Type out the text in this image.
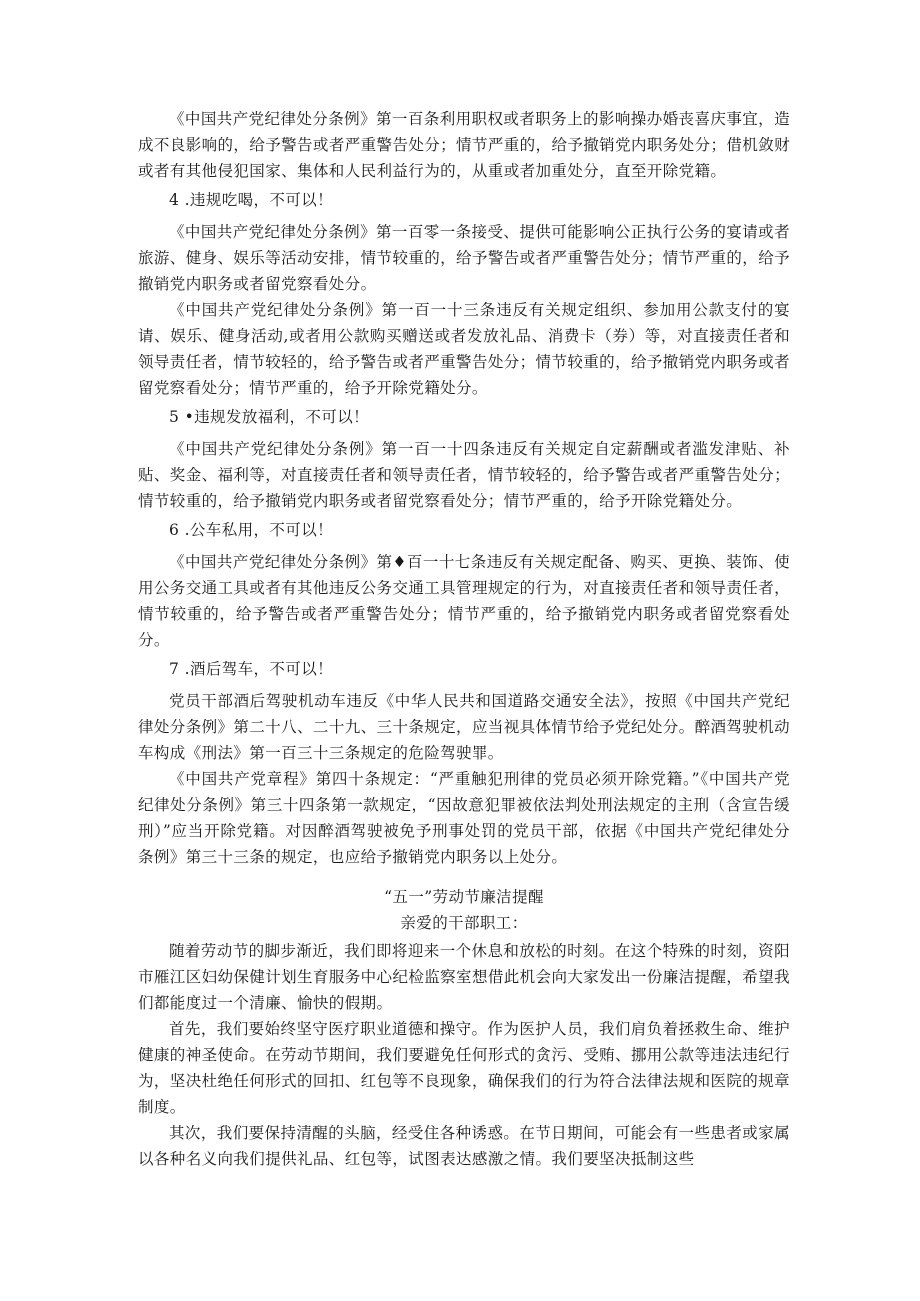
《中国共产党纪律处分条例》第一百条利用职权或者职务上的影响操办婚丧喜庆事宜，造成不良影响的，给予警告或者严重警告处分；情节严重的，给予撤销党内职务处分；借机敛财或者有其他侵犯国家、集体和人民利益行为的，从重或者加重处分，直至开除党籍。

4 .违规吃喝，不可以！

《中国共产党纪律处分条例》第一百零一条接受、提供可能影响公正执行公务的宴请或者旅游、健身、娱乐等活动安排，情节较重的，给予警告或者严重警告处分；情节严重的，给予撤销党内职务或者留党察看处分。

《中国共产党纪律处分条例》第一百一十三条违反有关规定组织、参加用公款支付的宴请、娱乐、健身活动,或者用公款购买赠送或者发放礼品、消费卡（券）等，对直接责任者和领导责任者，情节较轻的，给予警告或者严重警告处分；情节较重的，给予撤销党内职务或者留党察看处分；情节严重的，给予开除党籍处分。

5 •违规发放福利，不可以！

《中国共产党纪律处分条例》第一百一十四条违反有关规定自定薪酬或者滥发津贴、补贴、奖金、福利等，对直接责任者和领导责任者，情节较轻的，给予警告或者严重警告处分；情节较重的，给予撤销党内职务或者留党察看处分；情节严重的，给予开除党籍处分。

6 .公车私用，不可以！

《中国共产党纪律处分条例》第♦百一十七条违反有关规定配备、购买、更换、装饰、使用公务交通工具或者有其他违反公务交通工具管理规定的行为，对直接责任者和领导责任者，情节较重的，给予警告或者严重警告处分；情节严重的，给予撤销党内职务或者留党察看处分。

7 .酒后驾车，不可以！

党员干部酒后驾驶机动车违反《中华人民共和国道路交通安全法》，按照《中国共产党纪律处分条例》第二十八、二十九、三十条规定，应当视具体情节给予党纪处分。醉酒驾驶机动车构成《刑法》第一百三十三条规定的危险驾驶罪。

《中国共产党章程》第四十条规定：“严重触犯刑律的党员必须开除党籍。”《中国共产党纪律处分条例》第三十四条第一款规定，“因故意犯罪被依法判处刑法规定的主刑（含宣告缓刑）”应当开除党籍。对因醉酒驾驶被免予刑事处罚的党员干部，依据《中国共产党纪律处分条例》第三十三条的规定，也应给予撤销党内职务以上处分。

“五一”劳动节廉洁提醒

亲爱的干部职工：

随着劳动节的脚步渐近，我们即将迎来一个休息和放松的时刻。在这个特殊的时刻，资阳市雁江区妇幼保健计划生育服务中心纪检监察室想借此机会向大家发出一份廉洁提醒，希望我们都能度过一个清廉、愉快的假期。

首先，我们要始终坚守医疗职业道德和操守。作为医护人员，我们肩负着拯救生命、维护健康的神圣使命。在劳动节期间，我们要避免任何形式的贪污、受贿、挪用公款等违法违纪行为，坚决杜绝任何形式的回扣、红包等不良现象，确保我们的行为符合法律法规和医院的规章制度。

其次，我们要保持清醒的头脑，经受住各种诱惑。在节日期间，可能会有一些患者或家属以各种名义向我们提供礼品、红包等，试图表达感激之情。我们要坚决抵制这些
